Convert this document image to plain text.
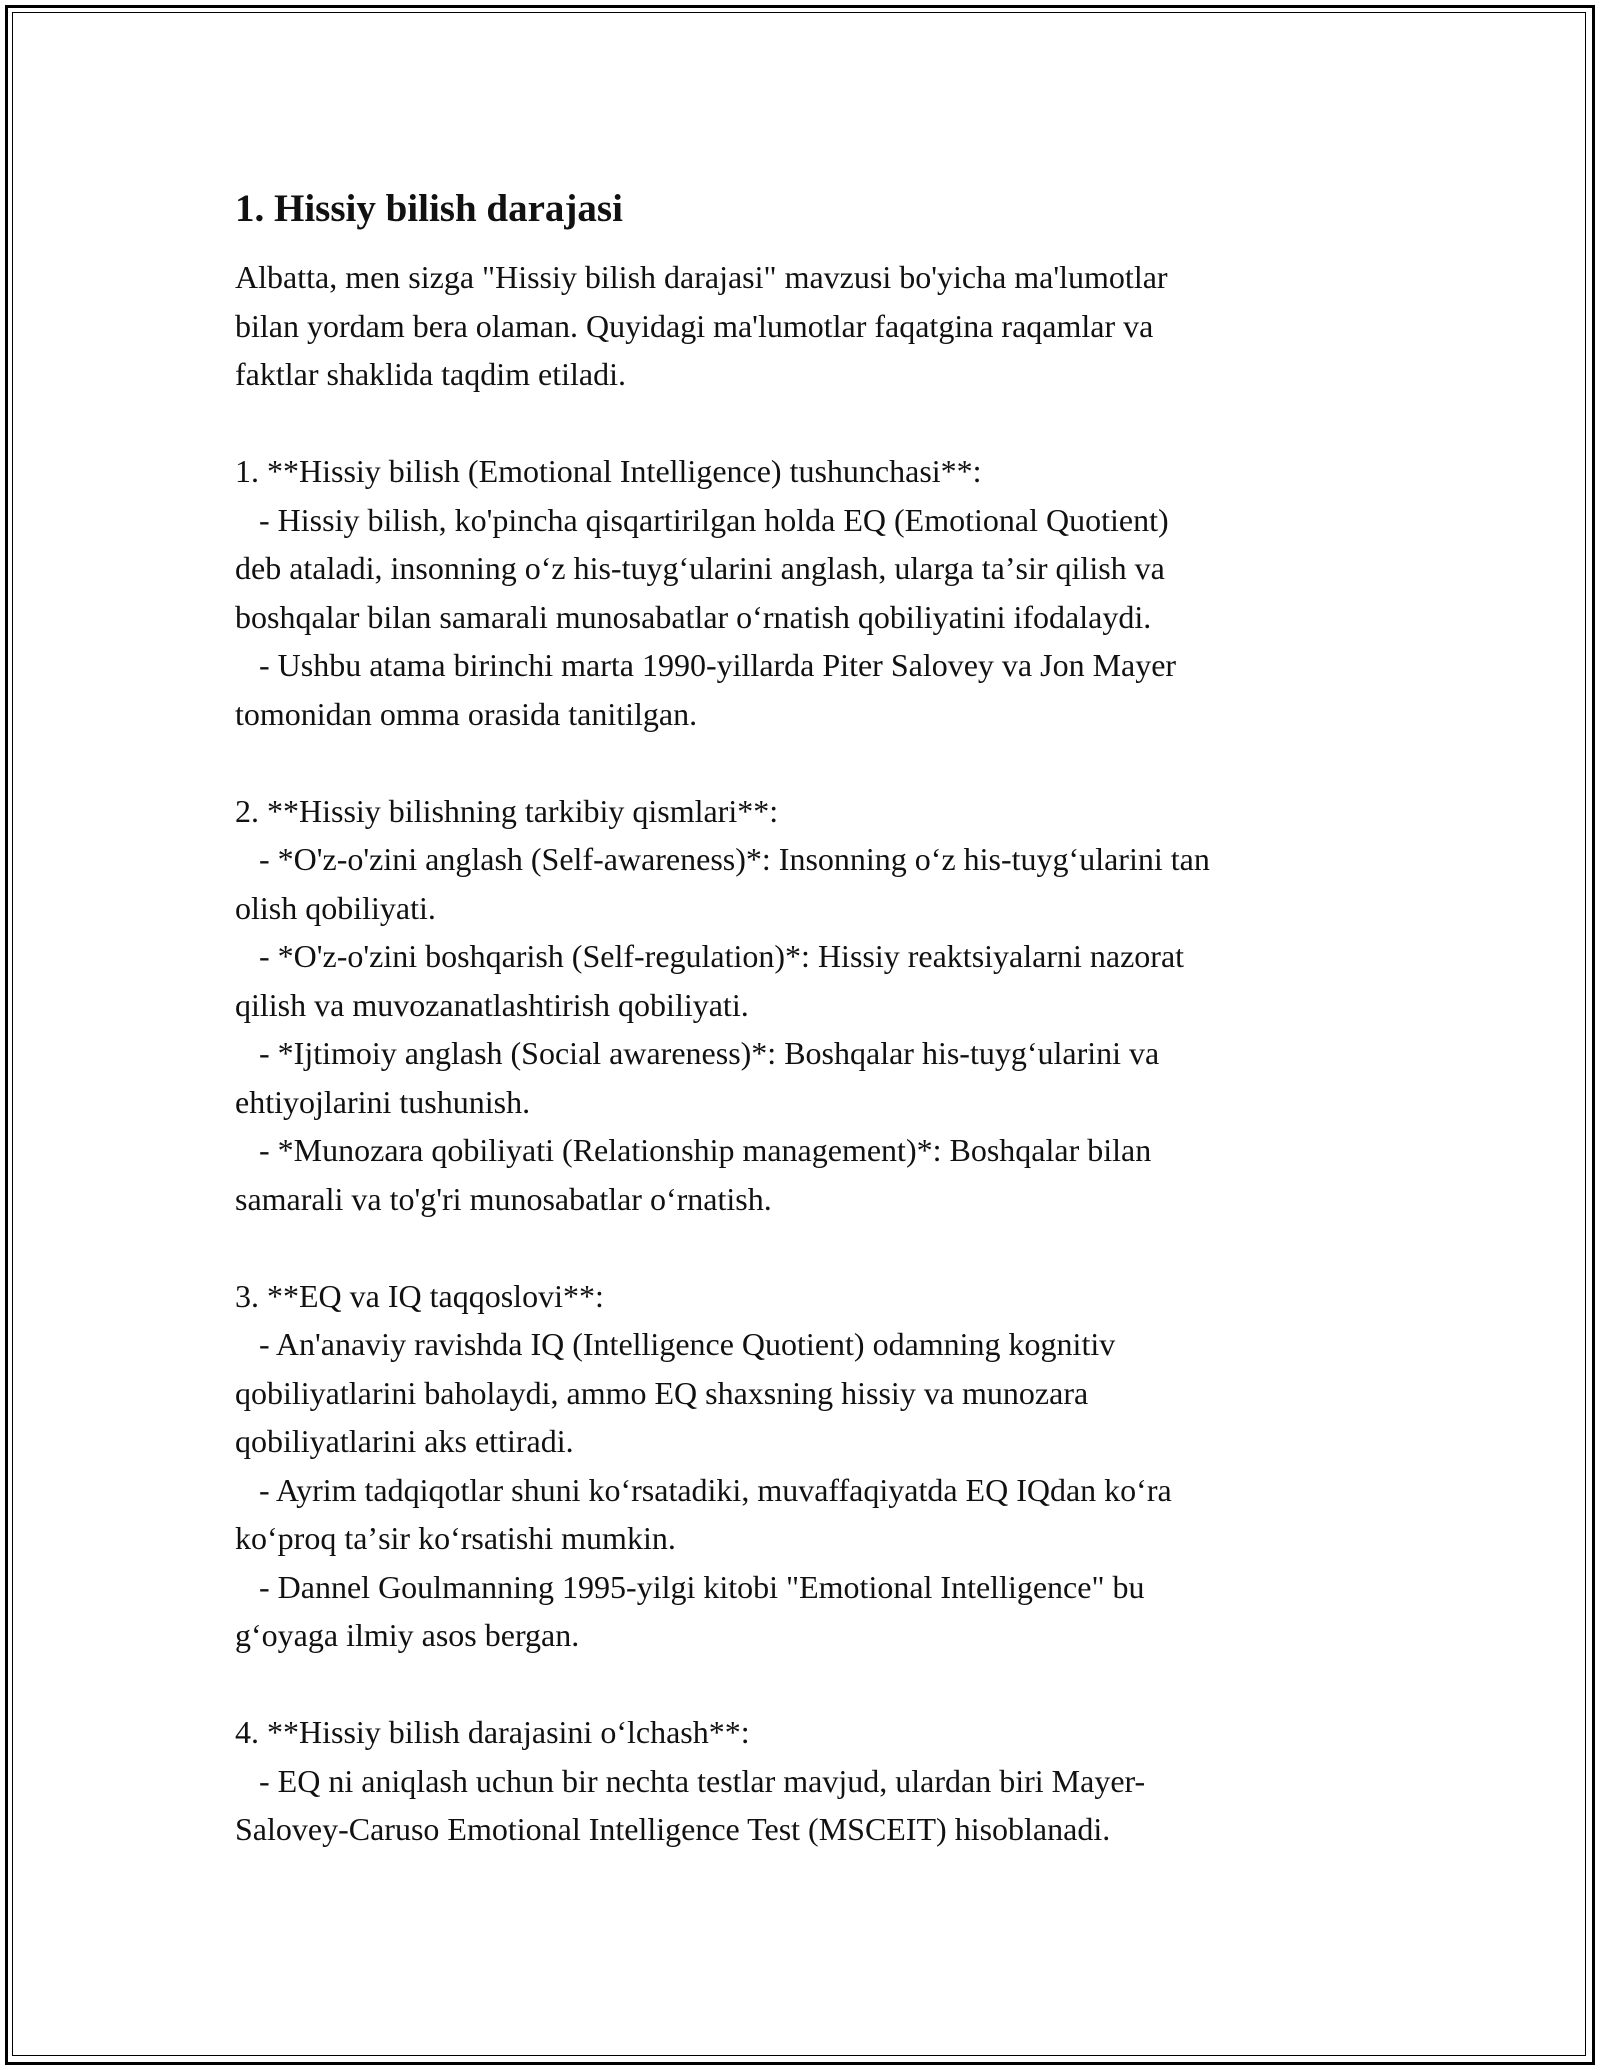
1. Hissiy bilish darajasi
Albatta, men sizga "Hissiy bilish darajasi" mavzusi bo'yicha ma'lumotlar
bilan yordam bera olaman. Quyidagi ma'lumotlar faqatgina raqamlar va
faktlar shaklida taqdim etiladi.

1. **Hissiy bilish (Emotional Intelligence) tushunchasi**:
- Hissiy bilish, ko'pincha qisqartirilgan holda EQ (Emotional Quotient)
deb ataladi, insonning oʻz his-tuygʻularini anglash, ularga taʼsir qilish va
boshqalar bilan samarali munosabatlar oʻrnatish qobiliyatini ifodalaydi.
- Ushbu atama birinchi marta 1990-yillarda Piter Salovey va Jon Mayer
tomonidan omma orasida tanitilgan.

2. **Hissiy bilishning tarkibiy qismlari**:
- *O'z-o'zini anglash (Self-awareness)*: Insonning oʻz his-tuygʻularini tan
olish qobiliyati.
- *O'z-o'zini boshqarish (Self-regulation)*: Hissiy reaktsiyalarni nazorat
qilish va muvozanatlashtirish qobiliyati.
- *Ijtimoiy anglash (Social awareness)*: Boshqalar his-tuygʻularini va
ehtiyojlarini tushunish.
- *Munozara qobiliyati (Relationship management)*: Boshqalar bilan
samarali va to'g'ri munosabatlar oʻrnatish.

3. **EQ va IQ taqqoslovi**:
- An'anaviy ravishda IQ (Intelligence Quotient) odamning kognitiv
qobiliyatlarini baholaydi, ammo EQ shaxsning hissiy va munozara
qobiliyatlarini aks ettiradi.
- Ayrim tadqiqotlar shuni koʻrsatadiki, muvaffaqiyatda EQ IQdan koʻra
koʻproq taʼsir koʻrsatishi mumkin.
- Dannel Goulmanning 1995-yilgi kitobi "Emotional Intelligence" bu
gʻoyaga ilmiy asos bergan.

4. **Hissiy bilish darajasini oʻlchash**:
- EQ ni aniqlash uchun bir nechta testlar mavjud, ulardan biri Mayer-
Salovey-Caruso Emotional Intelligence Test (MSCEIT) hisoblanadi.
